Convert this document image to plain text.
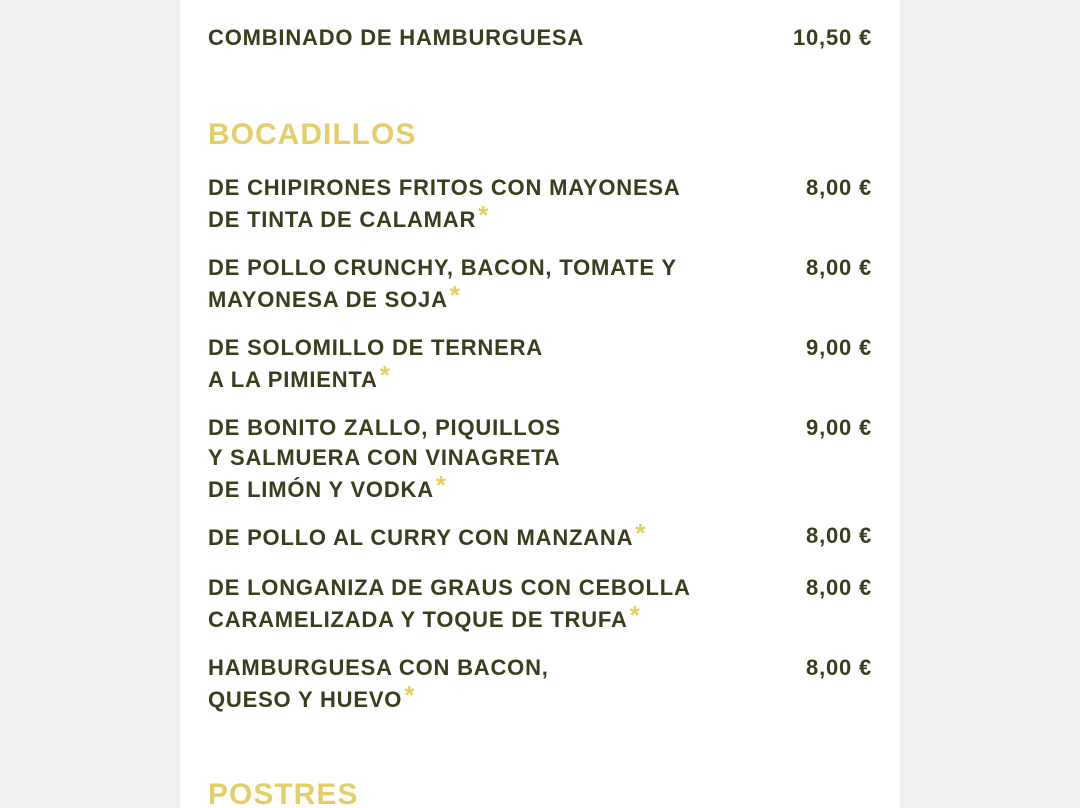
COMBINADO DE HAMBURGUESA	10,50 €
BOCADILLOS
DE CHIPIRONES FRITOS CON MAYONESA
DE TINTA DE CALAMAR*
8,00 €
DE POLLO CRUNCHY, BACON, TOMATE Y
MAYONESA DE SOJA*
8,00 €
DE SOLOMILLO DE TERNERA
A LA PIMIENTA*
9,00 €
DE BONITO ZALLO, PIQUILLOS
Y SALMUERA CON VINAGRETA
DE LIMÓN Y VODKA*
9,00 €
DE POLLO AL CURRY CON MANZANA*	8,00 €
DE LONGANIZA DE GRAUS CON CEBOLLA
CARAMELIZADA Y TOQUE DE TRUFA*
8,00 €
HAMBURGUESA CON BACON,
QUESO Y HUEVO*
8,00 €
POSTRES
